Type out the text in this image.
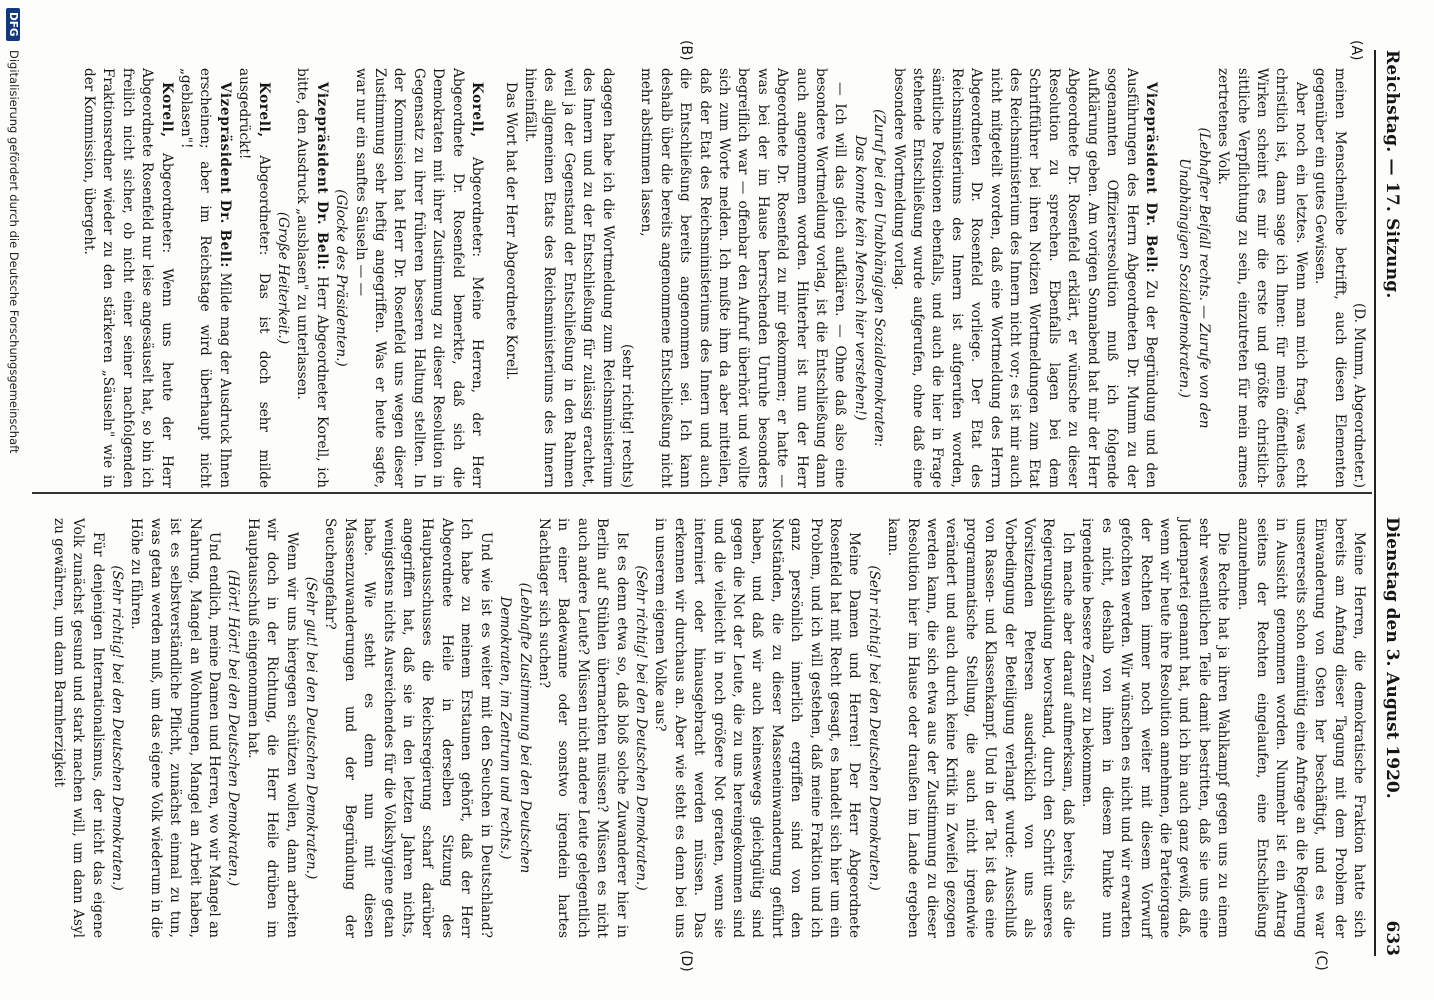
Reichstag. — 17. Sitzung.
Dienstag den 3. August 1920.  633
(A)
(B)
(C)
(D)

(D. Mumm, Abgeordneter.)

meinen Menschenliebe betrifft, auch diesen Elementen gegenüber ein gutes Gewissen.

Aber noch ein letztes. Wenn man mich fragt, was echt christlich ist, dann sage ich Ihnen: für mein öffentliches Wirken scheint es mir die erste und größte christlich-sittliche Verpflichtung zu sein, einzutreten für mein armes zertretenes Volk.

(Lebhafter Beifall rechts. — Zurufe von den Unabhängigen Sozialdemokraten.)

Vizepräsident Dr. Bell: Zu der Begründung und den Ausführungen des Herrn Abgeordneten Dr. Mumm zu der sogenannten Offiziersresolution muß ich folgende Aufklärung geben. Am vorigen Sonnabend hat mir der Herr Abgeordnete Dr. Rosenfeld erklärt, er wünsche zu dieser Resolution zu sprechen. Ebenfalls lagen bei dem Schriftführer bei ihren Notizen Wortmeldungen zum Etat des Reichsministerium des Innern nicht vor; es ist mir auch nicht mitgeteilt worden, daß eine Wortmeldung des Herrn Abgeordneten Dr. Rosenfeld vorliege. Der Etat des Reichsministeriums des Innern ist aufgerufen worden, sämtliche Positionen ebenfalls, und auch die hier in Frage stehende Entschließung wurde aufgerufen, ohne daß eine besondere Wortmeldung vorlag.

(Zuruf bei den Unabhängigen Sozialdemokraten: Das konnte kein Mensch hier verstehen!)

— Ich will das gleich aufklären. — Ohne daß also eine besondere Wortmeldung vorlag, ist die Entschließung dann auch angenommen worden. Hinterher ist nun der Herr Abgeordnete Dr. Rosenfeld zu mir gekommen; er hatte — was bei der im Hause herrschenden Unruhe besonders begreiflich war — offenbar den Aufruf überhört und wollte sich zum Worte melden. Ich mußte ihm da aber mitteilen, daß der Etat des Reichsministeriums des Innern und auch die Entschließung bereits angenommen sei. Ich kann deshalb über die bereits angenommene Entschließung nicht mehr abstimmen lassen,

(sehr richtig! rechts)

dagegen habe ich die Wortmeldung zum Reichsministerium des Innern und zu der Entschließung für zulässig erachtet, weil ja der Gegenstand der Entschließung in den Rahmen des allgemeinen Etats des Reichsministeriums des Innern hineinfällt.

Das Wort hat der Herr Abgeordnete Korell.

Korell, Abgeordneter: Meine Herren, der Herr Abgeordnete Dr. Rosenfeld bemerkte, daß sich die Demokraten mit ihrer Zustimmung zu dieser Resolution in Gegensatz zu ihrer früheren besseren Haltung stellten. In der Kommission hat Herr Dr. Rosenfeld uns wegen dieser Zustimmung sehr heftig angegriffen. Was er heute sagte, war nur ein sanftes Säuseln — —

(Glocke des Präsidenten.)

Vizepräsident Dr. Bell: Herr Abgeordneter Korell, ich bitte, den Ausdruck „ausblasen" zu unterlassen.

(Große Heiterkeit.)

Korell, Abgeordneter: Das ist doch sehr milde ausgedrückt!

Vizepräsident Dr. Bell: Milde mag der Ausdruck Ihnen erscheinen; aber im Reichstage wird überhaupt nicht „geblasen"!

Korell, Abgeordneter: Wenn uns heute der Herr Abgeordnete Rosenfeld nur leise angesäuselt hat, so bin ich freilich nicht sicher, ob nicht einer seiner nachfolgenden Fraktionsredner wieder zu den stärkeren „Säuseln" wie in der Kommission, übergeht.

Meine Herren, die demokratische Fraktion hatte sich bereits am Anfang dieser Tagung mit dem Problem der Einwanderung von Osten her beschäftigt, und es war unsererseits schon einmütig eine Anfrage an die Regierung in Aussicht genommen worden. Nunmehr ist ein Antrag seitens der Rechten eingelaufen, eine Entschließung anzunehmen.

Die Rechte hat ja ihren Wahlkampf gegen uns zu einem sehr wesentlichen Teile damit bestritten, daß sie uns eine Judenpartei genannt hat, und ich bin auch ganz gewiß, daß, wenn wir heute ihre Resolution annehmen, die Parteiorgane der Rechten immer noch weiter mit diesem Vorwurf gefochten werden. Wir wünschen es nicht und wir erwarten es nicht, deshalb von ihnen in diesem Punkte nun irgendeine bessere Zensur zu bekommen.

Ich mache aber darauf aufmerksam, daß bereits, als die Regierungsbildung bevorstand, durch den Schritt unseres Vorsitzenden Petersen ausdrücklich von uns als Vorbedingung der Beteiligung verlangt wurde: Ausschluß von Rassen- und Klassenkampf. Und in der Tat ist das eine programmatische Stellung, die auch nicht irgendwie verändert und auch durch keine Kritik in Zweifel gezogen werden kann, die sich etwa aus der Zustimmung zu dieser Resolution hier im Hause oder draußen im Lande ergeben kann.

(Sehr richtig! bei den Deutschen Demokraten.)

Meine Damen und Herren! Der Herr Abgeordnete Rosenfeld hat mit Recht gesagt, es handelt sich hier um ein Problem, und ich will gestehen, daß meine Fraktion und ich ganz persönlich innerlich ergriffen sind von den Notständen, die zu dieser Masseneinwanderung geführt haben, und daß wir auch keineswegs gleichgültig sind gegen die Not der Leute, die zu uns hereingekommen sind und die vielleicht in noch größere Not geraten, wenn sie interniert oder hinausgebracht werden müssen. Das erkennen wir durchaus an. Aber wie steht es denn bei uns in unserem eigenen Volke aus?

(Sehr richtig! bei den Deutschen Demokraten.)

Ist es denn etwa so, daß bloß solche Zuwanderer hier in Berlin auf Stühlen übernachten müssen? Müssen es nicht auch andere Leute? Müssen nicht andere Leute gelegentlich in einer Badewanne oder sonstwo irgendein hartes Nachtlager sich suchen?

(Lebhafte Zustimmung bei den Deutschen Demokraten, im Zentrum und rechts.)

Und wie ist es weiter mit den Seuchen in Deutschland? Ich habe zu meinem Erstaunen gehört, daß der Herr Abgeordnete Heile in derselben Sitzung des Hauptausschusses die Reichsregierung scharf darüber angegriffen hat, daß sie in den letzten Jahren nichts, wenigstens nichts Ausreichendes für die Volkshygiene getan habe. Wie steht es denn nun mit diesen Massenzuwanderungen und der Begründung der Seuchengefahr?

(Sehr gut! bei den Deutschen Demokraten.)

Wenn wir uns hiergegen schützen wollen, dann arbeiten wir doch in der Richtung, die Herr Heile drüben im Hauptausschuß eingenommen hat.

(Hört! Hört! bei den Deutschen Demokraten.)

Und endlich, meine Damen und Herren, wo wir Mangel an Nahrung, Mangel an Wohnungen, Mangel an Arbeit haben, ist es selbstverständliche Pflicht, zunächst einmal zu tun, was getan werden muß, um das eigene Volk wiederum in die Höhe zu führen.

(Sehr richtig! bei den Deutschen Demokraten.)

Für denjenigen Internationalismus, der nicht das eigene Volk zunächst gesund und stark machen will, um dann Asyl zu gewähren, um dann Barmherzigkeit

DFG
Digitalisierung gefördert durch die Deutsche Forschungsgemeinschaft
